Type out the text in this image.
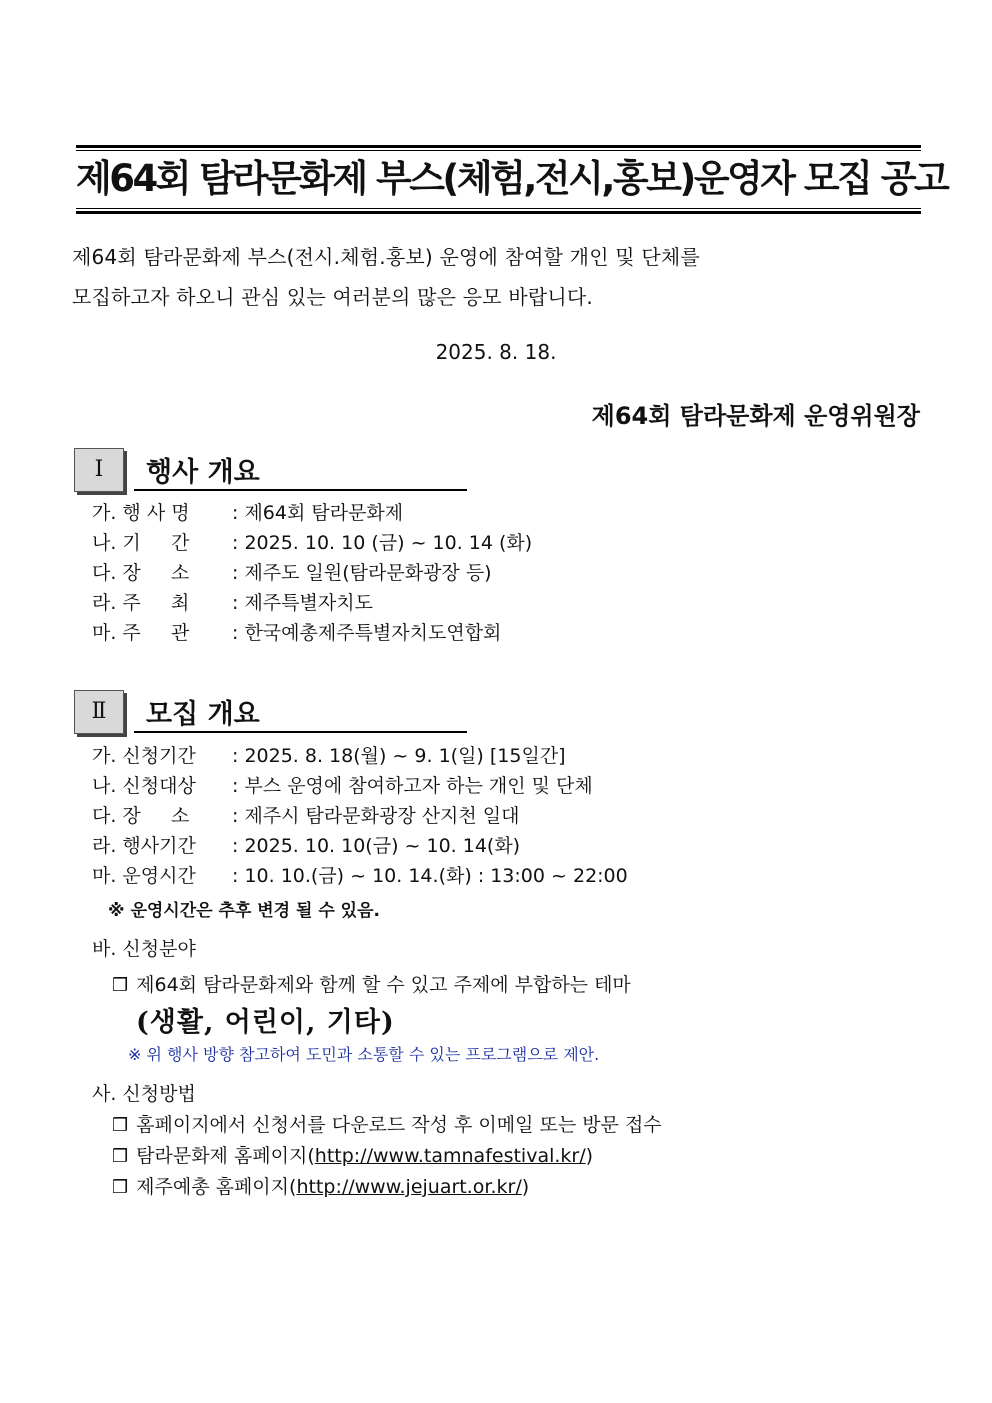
제64회 탐라문화제 부스(체험,전시,홍보)운영자 모집 공고
제64회 탐라문화제 부스(전시.체험.홍보) 운영에 참여할 개인 및 단체를
모집하고자 하오니 관심 있는 여러분의 많은 응모 바랍니다.
2025. 8. 18.
제64회 탐라문화제 운영위원장
Ⅰ	행사 개요
가. 행 사 명 : 제64회 탐라문화제
나. 기     간 : 2025. 10. 10 (금) ~ 10. 14 (화)
다. 장     소 : 제주도 일원(탐라문화광장 등)
라. 주     최 : 제주특별자치도
마. 주     관 : 한국예총제주특별자치도연합회
Ⅱ	모집 개요
가. 신청기간 : 2025. 8. 18(월) ~ 9. 1(일) [15일간]
나. 신청대상 : 부스 운영에 참여하고자 하는 개인 및 단체
다. 장     소 : 제주시 탐라문화광장 산지천 일대
라. 행사기간 : 2025. 10. 10(금) ~ 10. 14(화)
마. 운영시간 : 10. 10.(금) ~ 10. 14.(화) : 13:00 ~ 22:00
※ 운영시간은 추후 변경 될 수 있음.
바. 신청분야
❒ 제64회 탐라문화제와 함께 할 수 있고 주제에 부합하는 테마
(생활, 어린이, 기타)
※ 위 행사 방향 참고하여 도민과 소통할 수 있는 프로그램으로 제안.
사. 신청방법
❒ 홈페이지에서 신청서를 다운로드 작성 후 이메일 또는 방문 접수
❒ 탐라문화제 홈페이지(http://www.tamnafestival.kr/)
❒ 제주예총 홈페이지(http://www.jejuart.or.kr/)
